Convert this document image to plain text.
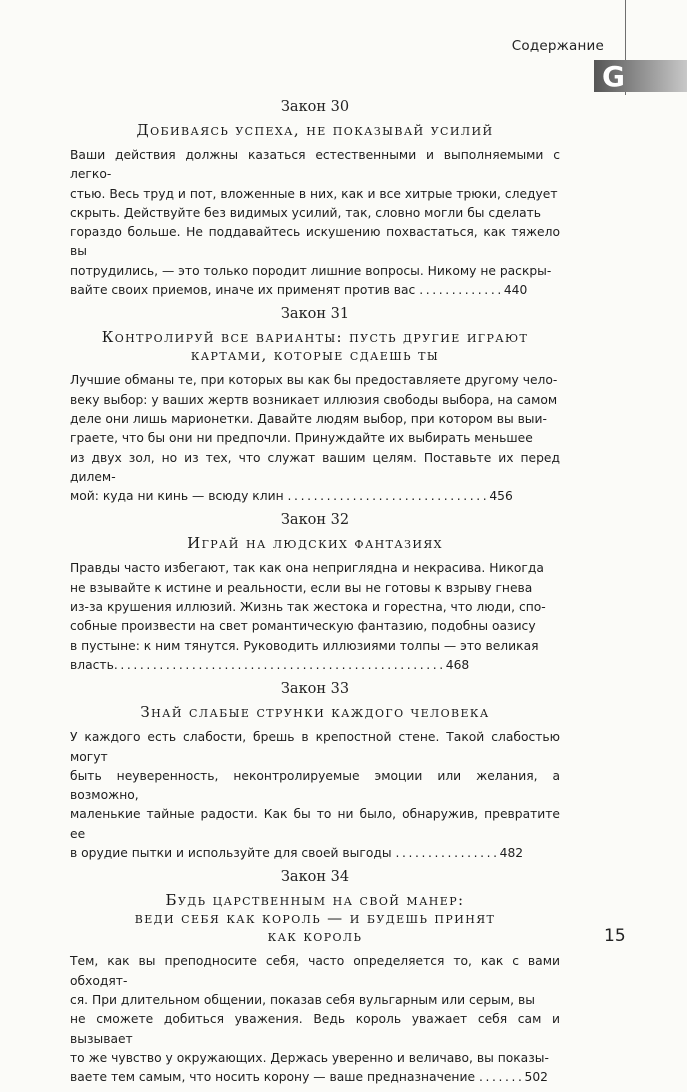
Содержание
G
Закон 30
Добиваясь успеха, не показывай усилий
Ваши действия должны казаться естественными и выполняемыми с легко-
стью. Весь труд и пот, вложенные в них, как и все хитрые трюки, следует
скрыть. Действуйте без видимых усилий, так, словно могли бы сделать
гораздо больше. Не поддавайтесь искушению похвастаться, как тяжело вы
потрудились, — это только породит лишние вопросы. Никому не раскры-
вайте своих приемов, иначе их применят против вас .............440
Закон 31
Контролируй все варианты: пусть другие играют
картами, которые сдаешь ты
Лучшие обманы те, при которых вы как бы предоставляете другому чело-
веку выбор: у ваших жертв возникает иллюзия свободы выбора, на самом
деле они лишь марионетки. Давайте людям выбор, при котором вы выи-
граете, что бы они ни предпочли. Принуждайте их выбирать меньшее
из двух зол, но из тех, что служат вашим целям. Поставьте их перед дилем-
мой: куда ни кинь — всюду клин ...............................456
Закон 32
Играй на людских фантазиях
Правды часто избегают, так как она неприглядна и некрасива. Никогда
не взывайте к истине и реальности, если вы не готовы к взрыву гнева
из-за крушения иллюзий. Жизнь так жестока и горестна, что люди, спо-
собные произвести на свет романтическую фантазию, подобны оазису
в пустыне: к ним тянутся. Руководить иллюзиями толпы — это великая
власть...................................................468
Закон 33
Знай слабые струнки каждого человека
У каждого есть слабости, брешь в крепостной стене. Такой слабостью могут
быть неуверенность, неконтролируемые эмоции или желания, а возможно,
маленькие тайные радости. Как бы то ни было, обнаружив, превратите ее
в орудие пытки и используйте для своей выгоды ................482
Закон 34
Будь царственным на свой манер:
веди себя как король — и будешь принят
как король
Тем, как вы преподносите себя, часто определяется то, как с вами обходят-
ся. При длительном общении, показав себя вульгарным или серым, вы
не сможете добиться уважения. Ведь король уважает себя сам и вызывает
то же чувство у окружающих. Держась уверенно и величаво, вы показы-
ваете тем самым, что носить корону — ваше предназначение .......502
15
